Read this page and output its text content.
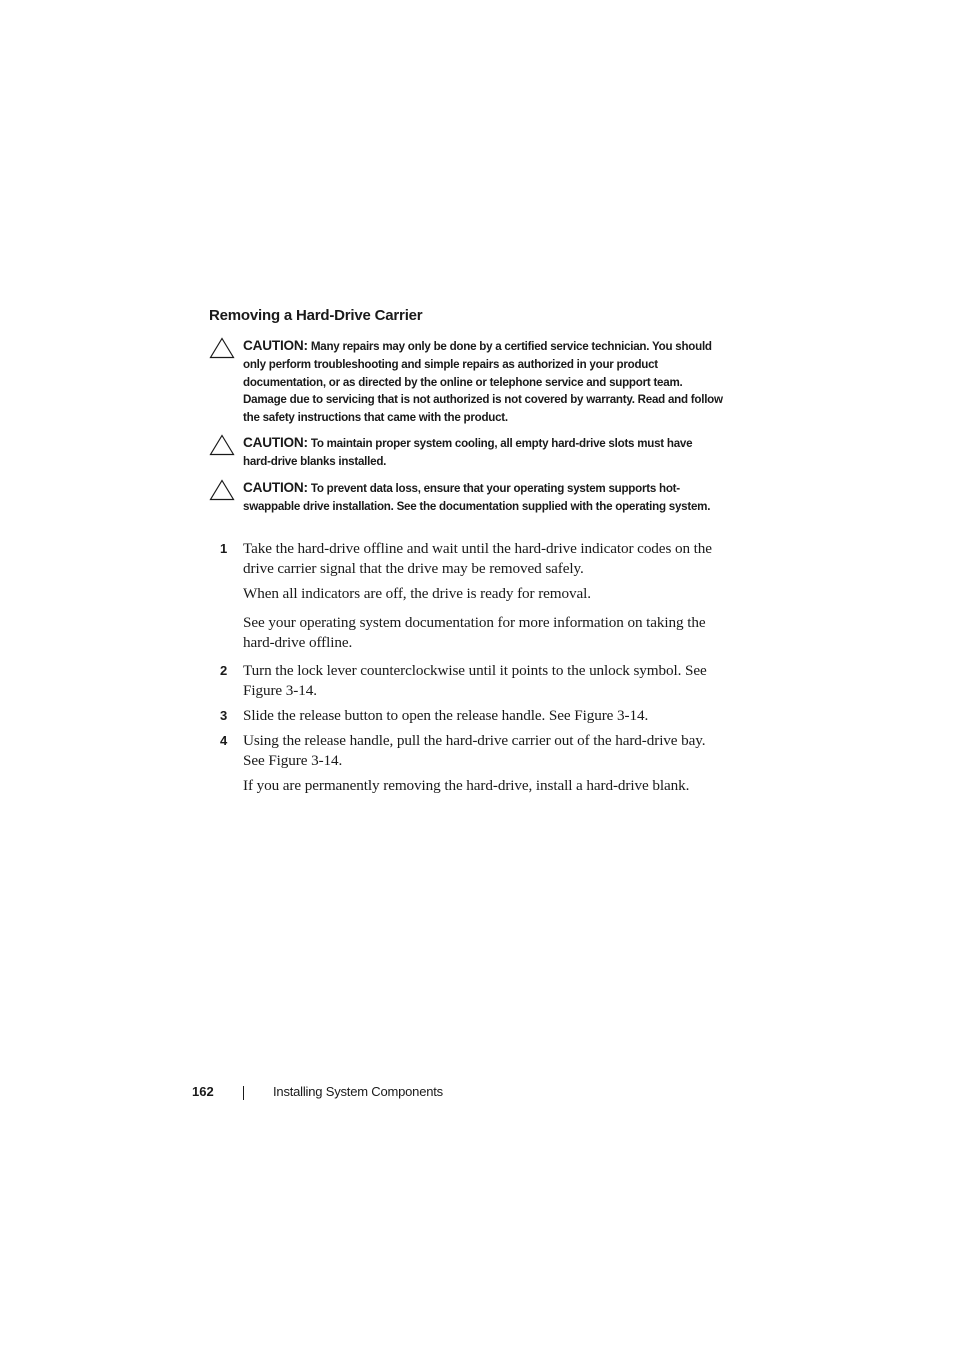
Removing a Hard-Drive Carrier
CAUTION: Many repairs may only be done by a certified service technician. You should only perform troubleshooting and simple repairs as authorized in your product documentation, or as directed by the online or telephone service and support team. Damage due to servicing that is not authorized is not covered by warranty. Read and follow the safety instructions that came with the product.
CAUTION: To maintain proper system cooling, all empty hard-drive slots must have hard-drive blanks installed.
CAUTION: To prevent data loss, ensure that your operating system supports hot-swappable drive installation. See the documentation supplied with the operating system.
1 Take the hard-drive offline and wait until the hard-drive indicator codes on the drive carrier signal that the drive may be removed safely.
When all indicators are off, the drive is ready for removal.
See your operating system documentation for more information on taking the hard-drive offline.
2 Turn the lock lever counterclockwise until it points to the unlock symbol. See Figure 3-14.
3 Slide the release button to open the release handle. See Figure 3-14.
4 Using the release handle, pull the hard-drive carrier out of the hard-drive bay. See Figure 3-14.
If you are permanently removing the hard-drive, install a hard-drive blank.
162	Installing System Components
